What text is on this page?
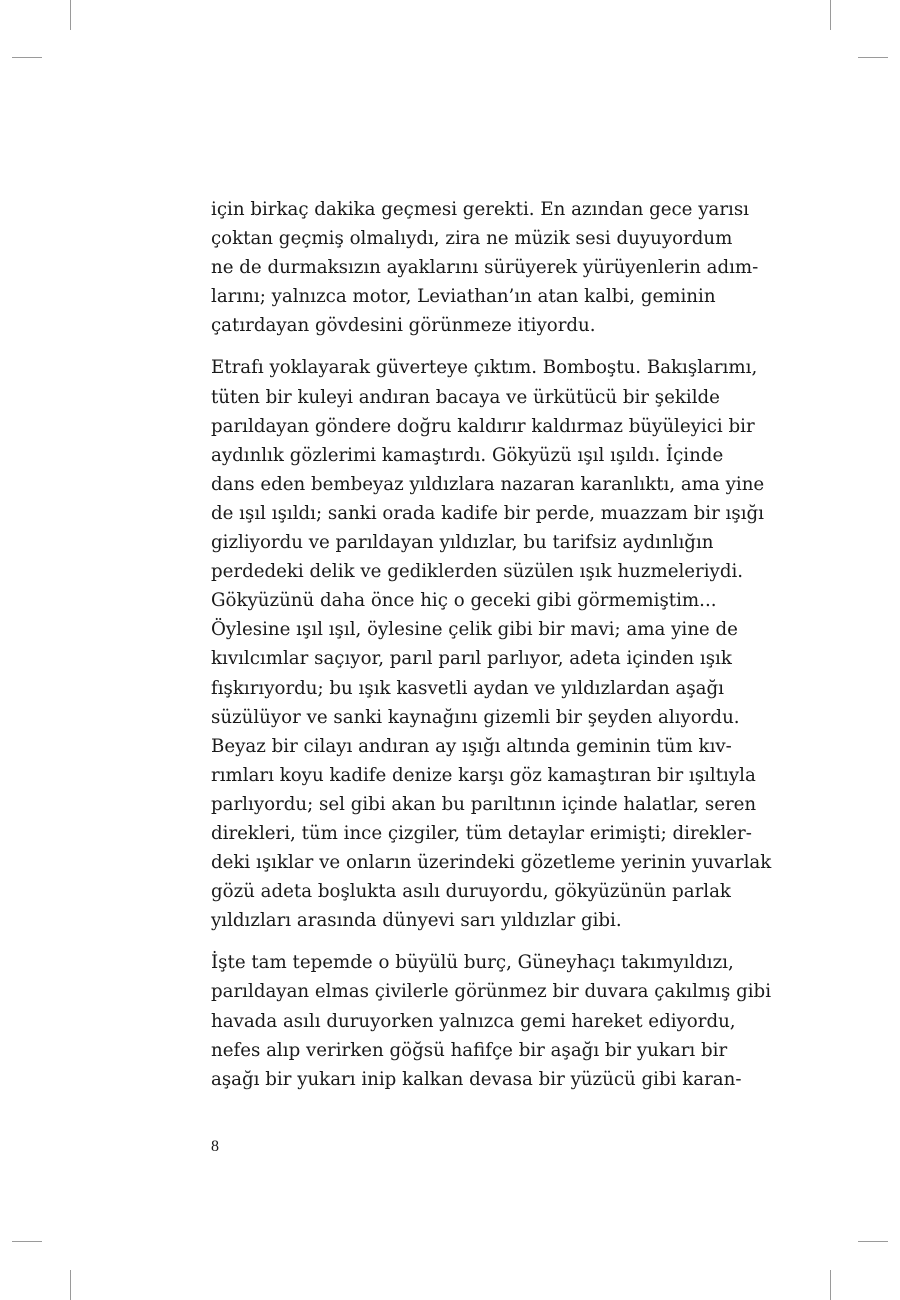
için birkaç dakika geçmesi gerekti. En azından gece yarısı
çoktan geçmiş olmalıydı, zira ne müzik sesi duyuyordum
ne de durmaksızın ayaklarını sürüyerek yürüyenlerin adım-
larını; yalnızca motor, Leviathan’ın atan kalbi, geminin
çatırdayan gövdesini görünmeze itiyordu.
Etrafı yoklayarak güverteye çıktım. Bomboştu. Bakışlarımı,
tüten bir kuleyi andıran bacaya ve ürkütücü bir şekilde
parıldayan göndere doğru kaldırır kaldırmaz büyüleyici bir
aydınlık gözlerimi kamaştırdı. Gökyüzü ışıl ışıldı. İçinde
dans eden bembeyaz yıldızlara nazaran karanlıktı, ama yine
de ışıl ışıldı; sanki orada kadife bir perde, muazzam bir ışığı
gizliyordu ve parıldayan yıldızlar, bu tarifsiz aydınlığın
perdedeki delik ve gediklerden süzülen ışık huzmeleriydi.
Gökyüzünü daha önce hiç o geceki gibi görmemiştim...
Öylesine ışıl ışıl, öylesine çelik gibi bir mavi; ama yine de
kıvılcımlar saçıyor, parıl parıl parlıyor, adeta içinden ışık
fışkırıyordu; bu ışık kasvetli aydan ve yıldızlardan aşağı
süzülüyor ve sanki kaynağını gizemli bir şeyden alıyordu.
Beyaz bir cilayı andıran ay ışığı altında geminin tüm kıv-
rımları koyu kadife denize karşı göz kamaştıran bir ışıltıyla
parlıyordu; sel gibi akan bu parıltının içinde halatlar, seren
direkleri, tüm ince çizgiler, tüm detaylar erimişti; direkler-
deki ışıklar ve onların üzerindeki gözetleme yerinin yuvarlak
gözü adeta boşlukta asılı duruyordu, gökyüzünün parlak
yıldızları arasında dünyevi sarı yıldızlar gibi.
İşte tam tepemde o büyülü burç, Güneyhaçı takımyıldızı,
parıldayan elmas çivilerle görünmez bir duvara çakılmış gibi
havada asılı duruyorken yalnızca gemi hareket ediyordu,
nefes alıp verirken göğsü hafifçe bir aşağı bir yukarı bir
aşağı bir yukarı inip kalkan devasa bir yüzücü gibi karan-
8
